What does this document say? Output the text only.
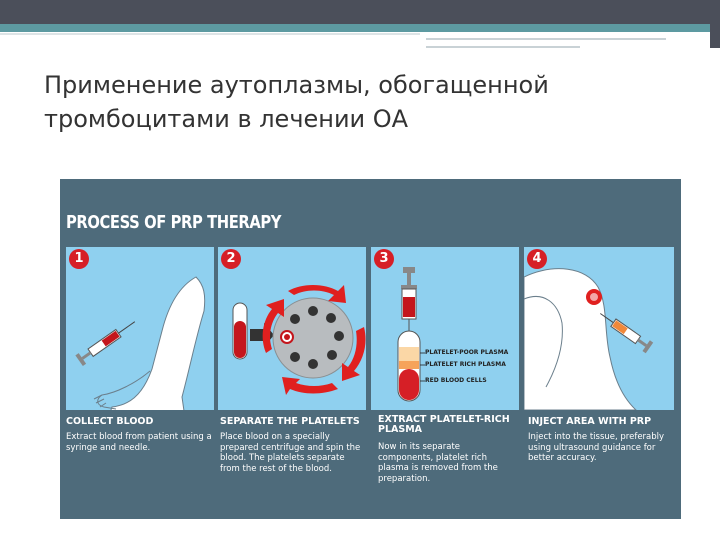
Применение аутоплазмы, обогащенной тромбоцитами в лечении ОА
PROCESS OF PRP THERAPY
1
COLLECT BLOOD
Extract blood from patient using a syringe and needle.
2
SEPARATE THE PLATELETS
Place blood on a specially prepared centrifuge and spin the blood. The platelets separate from the rest of the blood.
3
PLATELET-POOR PLASMA
PLATELET RICH PLASMA
RED BLOOD CELLS
EXTRACT PLATELET-RICH PLASMA
Now in its separate components, platelet rich plasma is removed from the preparation.
4
INJECT AREA WITH PRP
Inject into the tissue, preferably using ultrasound guidance for better accuracy.
